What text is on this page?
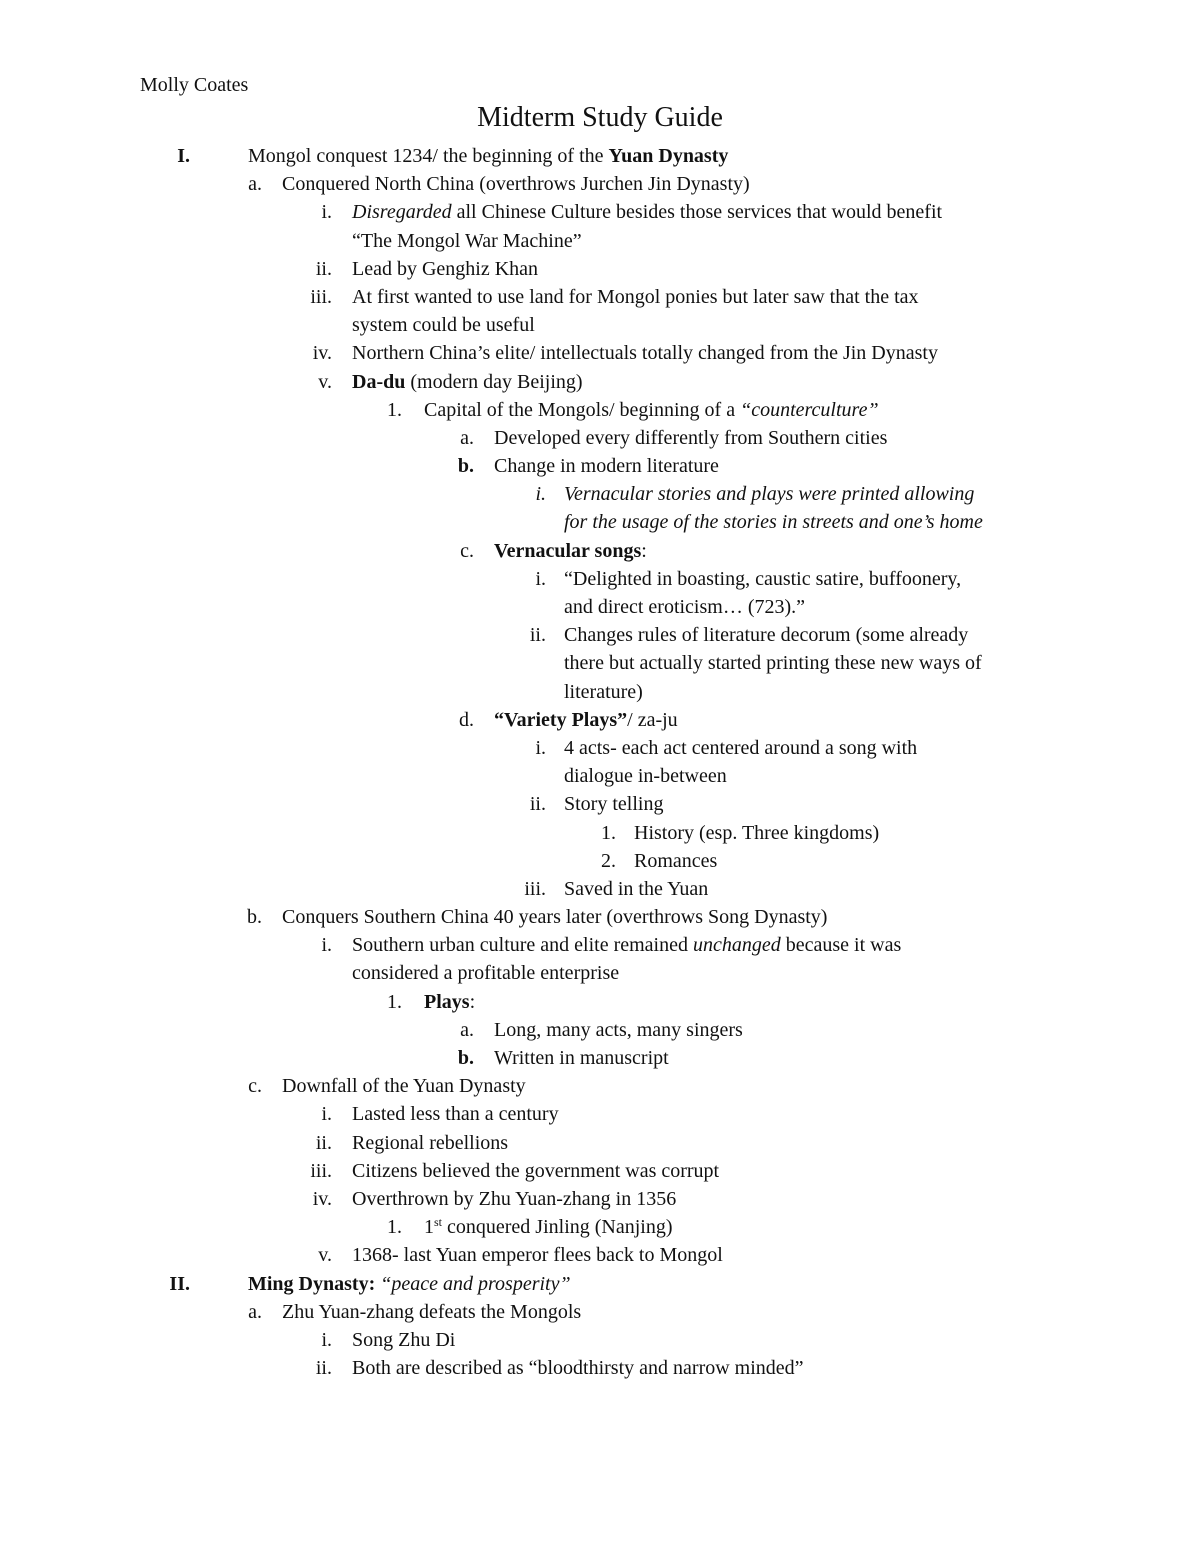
Molly Coates
Midterm Study Guide
I.	Mongol conquest 1234/ the beginning of the Yuan Dynasty
a. Conquered North China (overthrows Jurchen Jin Dynasty)
i. Disregarded all Chinese Culture besides those services that would benefit
“The Mongol War Machine”
ii. Lead by Genghiz Khan
iii. At first wanted to use land for Mongol ponies but later saw that the tax
system could be useful
iv. Northern China’s elite/ intellectuals totally changed from the Jin Dynasty
v. Da-du (modern day Beijing)
1. Capital of the Mongols/ beginning of a “counterculture”
a. Developed every differently from Southern cities
b. Change in modern literature
i. Vernacular stories and plays were printed allowing
for the usage of the stories in streets and one’s home
c. Vernacular songs:
i. “Delighted in boasting, caustic satire, buffoonery,
and direct eroticism… (723).”
ii. Changes rules of literature decorum (some already
there but actually started printing these new ways of
literature)
d. “Variety Plays”/ za-ju
i. 4 acts- each act centered around a song with
dialogue in-between
ii. Story telling
1. History (esp. Three kingdoms)
2. Romances
iii. Saved in the Yuan
b. Conquers Southern China 40 years later (overthrows Song Dynasty)
i. Southern urban culture and elite remained unchanged because it was
considered a profitable enterprise
1. Plays:
a. Long, many acts, many singers
b. Written in manuscript
c. Downfall of the Yuan Dynasty
i. Lasted less than a century
ii. Regional rebellions
iii. Citizens believed the government was corrupt
iv. Overthrown by Zhu Yuan-zhang in 1356
1. 1st conquered Jinling (Nanjing)
v. 1368- last Yuan emperor flees back to Mongol
II.	Ming Dynasty: “peace and prosperity”
a. Zhu Yuan-zhang defeats the Mongols
i. Song Zhu Di
ii. Both are described as “bloodthirsty and narrow minded”
